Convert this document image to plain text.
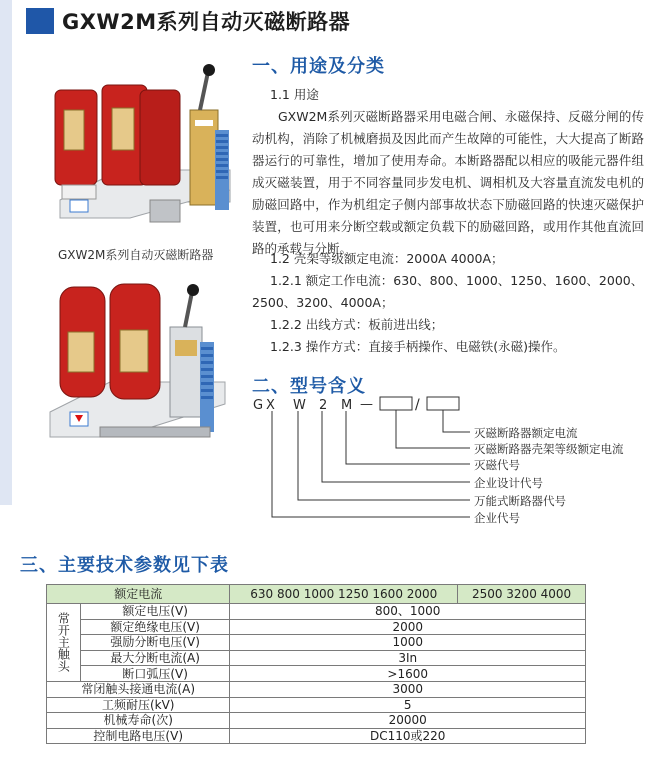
GXW2M系列自动灭磁断路器
GXW2M系列自动灭磁断路器
一、用途及分类
1.1 用途
GXW2M系列灭磁断路器采用电磁合闸、永磁保持、反磁分闸的传动机构，消除了机械磨损及因此而产生故障的可能性，大大提高了断路器运行的可靠性，增加了使用寿命。本断路器配以相应的吸能元器件组成灭磁装置，用于不同容量同步发电机、调相机及大容量直流发电机的励磁回路中，作为机组定子侧内部事故状态下励磁回路的快速灭磁保护装置，也可用来分断空载或额定负载下的励磁回路，或用作其他直流回路的承载与分断。
1.2 壳架等级额定电流：2000A 4000A；
1.2.1 额定工作电流：630、800、1000、1250、1600、2000、
2500、3200、4000A；
1.2.2 出线方式：板前进出线；
1.2.3 操作方式：直接手柄操作、电磁铁(永磁)操作。
二、型号含义
G X W 2 M —	/
灭磁断路器额定电流
灭磁断路器壳架等级额定电流
灭磁代号
企业设计代号
万能式断路器代号
企业代号
三、主要技术参数见下表
额定电流		630 800 1000 1250 1600 2000	2500 3200 4000
常开主触头	额定电压(V)	800、1000	
	额定绝缘电压(V)	2000	
	强励分断电压(V)	1000	
	最大分断电流(A)	3In	
	断口弧压(V)	>1600	
常闭触头接通电流(A)		3000	
工频耐压(kV)		5	
机械寿命(次)		20000	
控制电路电压(V)		DC110或220	
